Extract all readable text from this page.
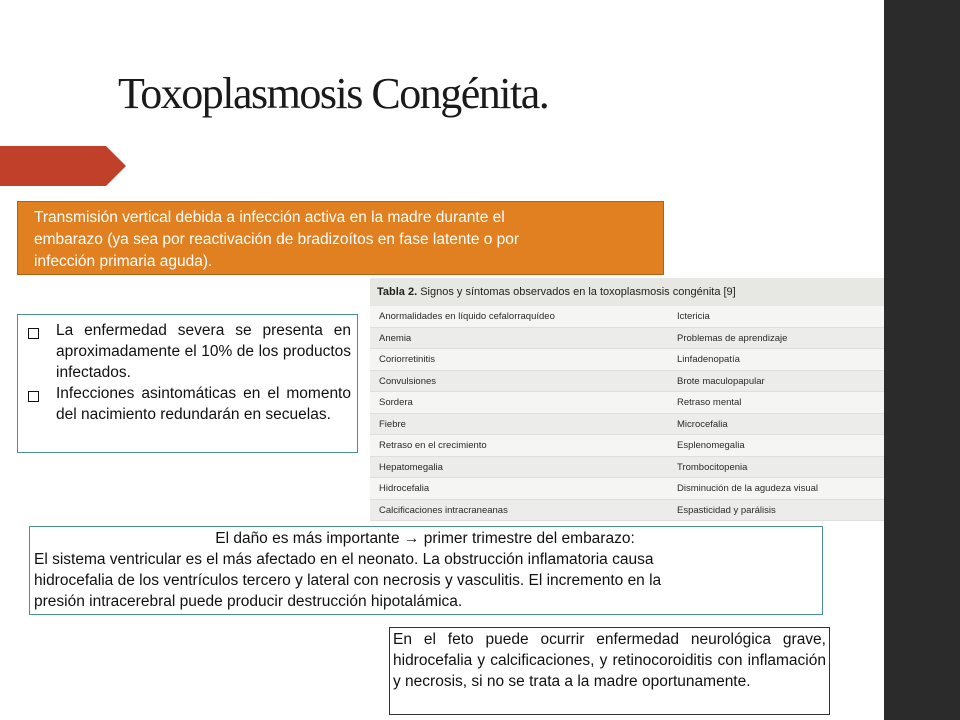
Toxoplasmosis Congénita.
Transmisión vertical debida a infección activa en la madre durante el
embarazo (ya sea por reactivación de bradizoítos en fase latente o por
infección primaria aguda).
La enfermedad severa se presenta en aproximadamente el 10% de los productos infectados.
Infecciones asintomáticas en el momento del nacimiento redundarán en secuelas.
Tabla 2. Signos y síntomas observados en la toxoplasmosis congénita [9]
Anormalidades en líquido cefalorraquídeo	Ictericia
Anemia	Problemas de aprendizaje
Coriorretinitis	Linfadenopatía
Convulsiones	Brote maculopapular
Sordera	Retraso mental
Fiebre	Microcefalia
Retraso en el crecimiento	Esplenomegalia
Hepatomegalia	Trombocitopenia
Hidrocefalia	Disminución de la agudeza visual
Calcificaciones intracraneanas	Espasticidad y parálisis
El daño es más importante → primer trimestre del embarazo:
El sistema ventricular es el más afectado en el neonato. La obstrucción inflamatoria causa
hidrocefalia de los ventrículos tercero y lateral con necrosis y vasculitis. El incremento en la
presión intracerebral puede producir destrucción hipotalámica.
En el feto puede ocurrir enfermedad neurológica grave, hidrocefalia y calcificaciones, y retinocoroiditis con inflamación y necrosis, si no se trata a la madre oportunamente.
